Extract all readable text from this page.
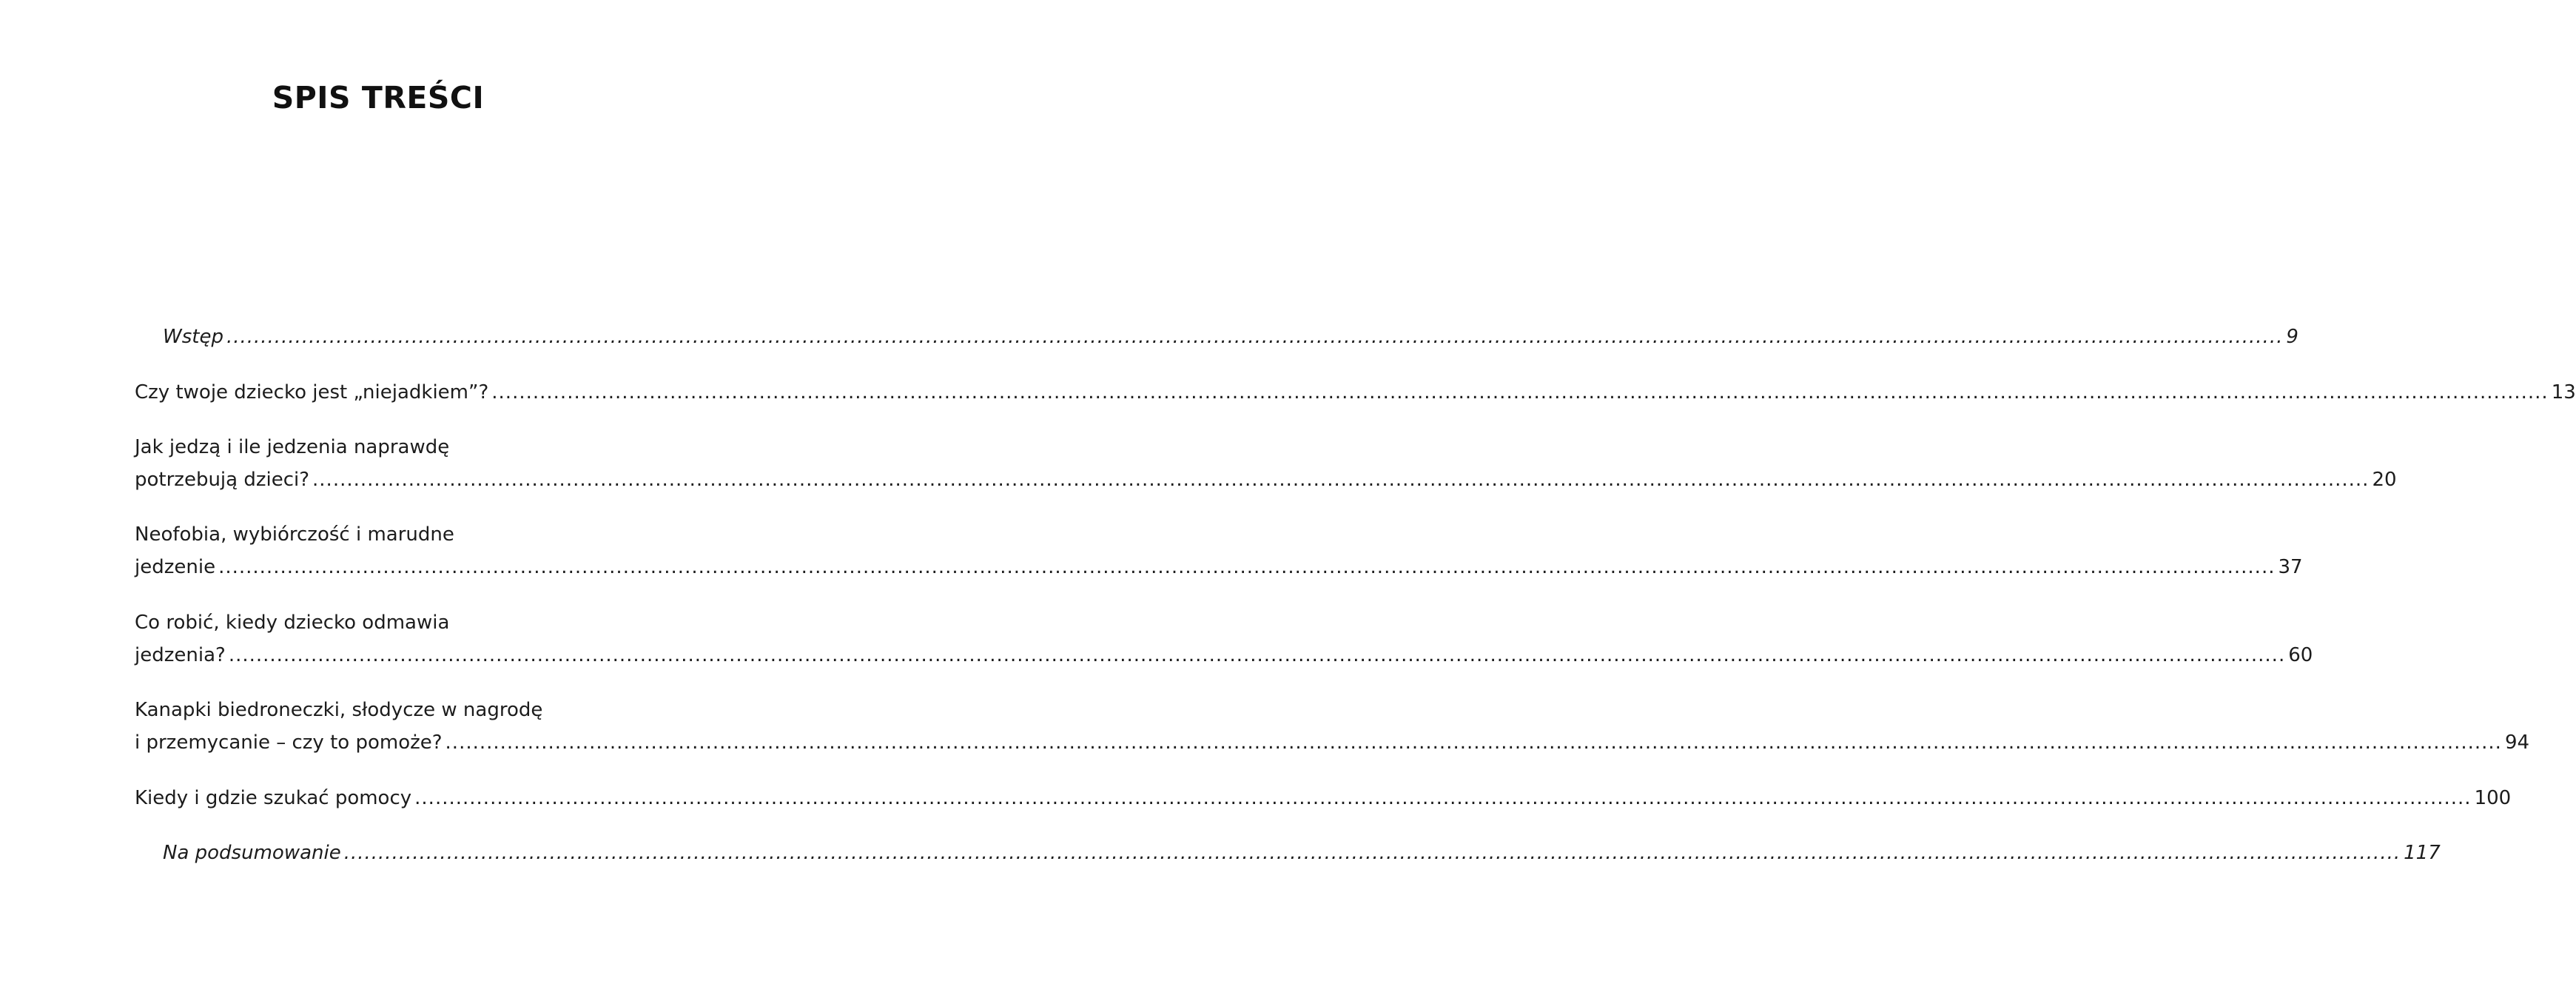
SPIS TREŚCI
Wstęp ............................................................................................................................................................................................................................................................................................................ 9
Czy twoje dziecko jest „niejadkiem”? ............................................................................................................................................................................................................................................................................................................ 13
Jak jedzą i ile jedzenia naprawdę
potrzebują dzieci? ............................................................................................................................................................................................................................................................................................................ 20
Neofobia, wybiórczość i marudne
jedzenie ............................................................................................................................................................................................................................................................................................................ 37
Co robić, kiedy dziecko odmawia
jedzenia? ............................................................................................................................................................................................................................................................................................................ 60
Kanapki biedroneczki, słodycze w nagrodę
i przemycanie – czy to pomoże? ............................................................................................................................................................................................................................................................................................................ 94
Kiedy i gdzie szukać pomocy ............................................................................................................................................................................................................................................................................................................ 100
Na podsumowanie ............................................................................................................................................................................................................................................................................................................ 117
